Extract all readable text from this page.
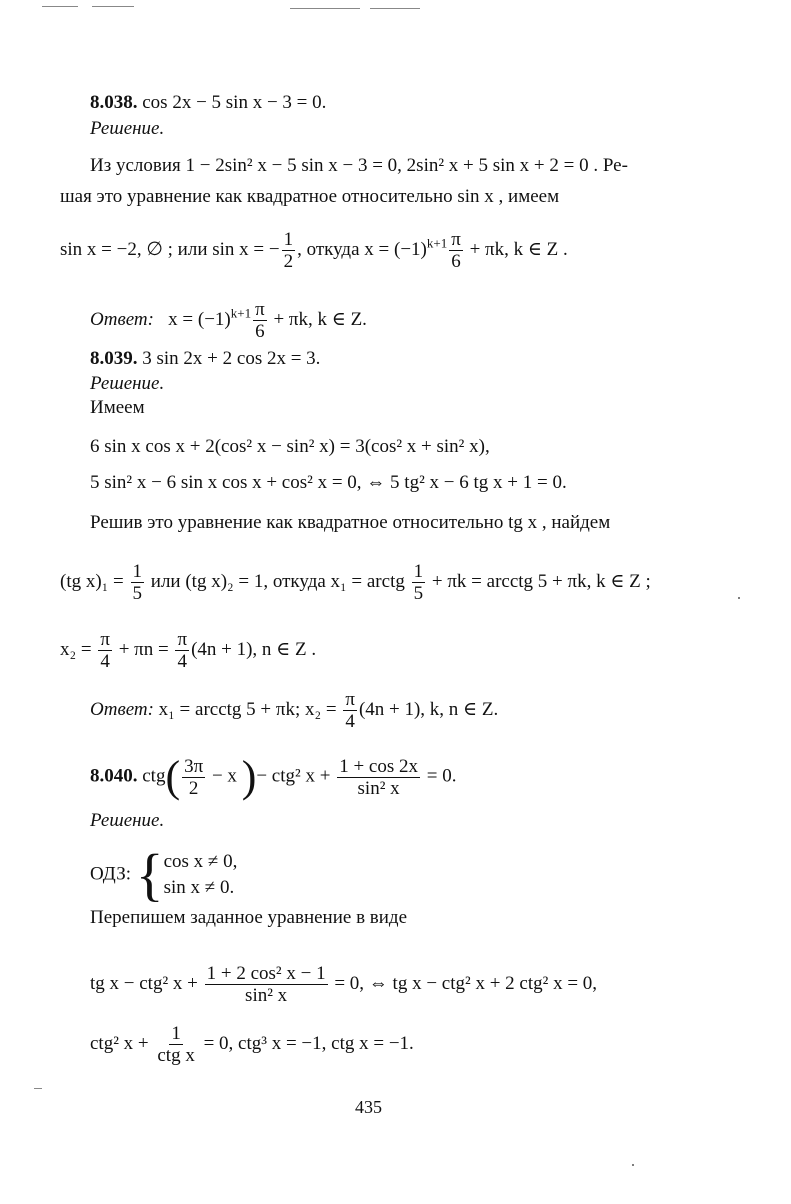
8.038. cos 2x − 5 sin x − 3 = 0.
Решение.
Из условия 1 − 2sin² x − 5 sin x − 3 = 0, 2sin² x + 5 sin x + 2 = 0 . Ре-
шая это уравнение как квадратное относительно sin x , имеем
sin x = −2, ∅ ; или sin x = − $\frac{1}{2}$ , откуда $x = (-1)^{k+1} \frac{\pi}{6} + \pi k$, k ∈ Z .
Ответ: $x = (-1)^{k+1} \frac{\pi}{6} + \pi k$, k ∈ Z.
8.039. 3 sin 2x + 2 cos 2x = 3.
Решение.
Имеем
6 sin x cos x + 2(cos² x − sin² x) = 3(cos² x + sin² x),
5 sin² x − 6 sin x cos x + cos² x = 0, ⇔ 5 tg² x − 6 tg x + 1 = 0.
Решив это уравнение как квадратное относительно tg x , найдем
(tg $x)_1 = \frac{1}{5}$ или (tg x)₂ = 1, откуда x₁ = arctg $\frac{1}{5} + \pi k$ = arcctg 5 + πk, k ∈ Z ;
$x_2 = \frac{\pi}{4} + \pi n = \frac{\pi}{4} (4n + 1)$, n ∈ Z .
Ответ: x₁ = arcctg 5 + πk; $x_2 = \frac{\pi}{4} (4n + 1)$, k, n ∈ Z.
8.040. $ctg( \frac{3\pi}{2} - x$ )− ctg² $x + \frac{1 + \cos 2x}{\text{sin² x}} = 0$.
Решение.
ОДЗ: { cos x ≠ 0,
sin x ≠ 0.
Перепишем заданное уравнение в виде
tg x − ctg² $x + \frac{\text{1 + 2 cos² x − 1}}{\text{sin² x}} = 0$, ⇔ tg x − ctg² x + 2 ctg² x = 0,
ctg² $x + \frac{1}{\text{ctg x}} = 0$, ctg³ x = −1, ctg x = −1.
435
